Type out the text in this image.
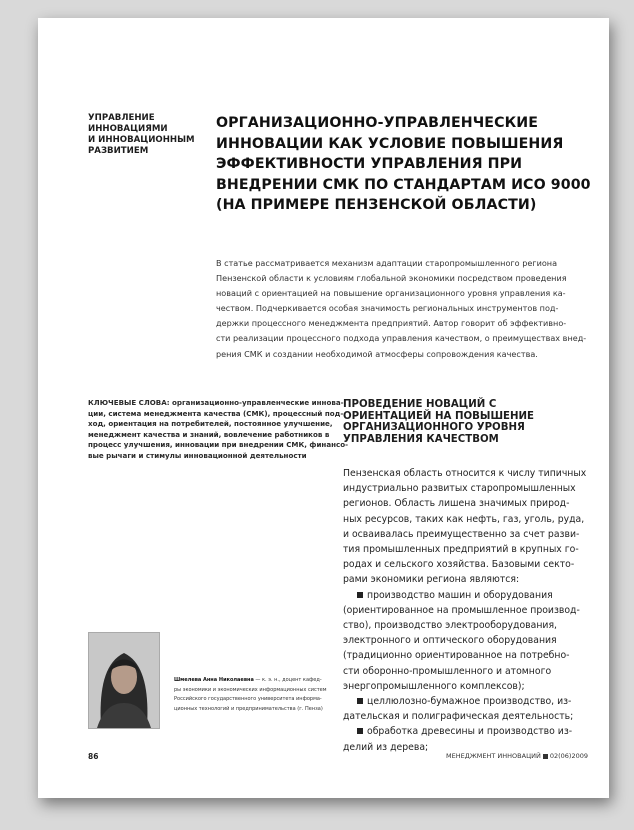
УПРАВЛЕНИЕ
ИННОВАЦИЯМИ
И ИННОВАЦИОННЫМ
РАЗВИТИЕМ
ОРГАНИЗАЦИОННО-УПРАВЛЕНЧЕСКИЕ
ИННОВАЦИИ КАК УСЛОВИЕ ПОВЫШЕНИЯ
ЭФФЕКТИВНОСТИ УПРАВЛЕНИЯ ПРИ
ВНЕДРЕНИИ СМК ПО СТАНДАРТАМ ИСО 9000
(НА ПРИМЕРЕ ПЕНЗЕНСКОЙ ОБЛАСТИ)
В статье рассматривается механизм адаптации старопромышленного региона
Пензенской области к условиям глобальной экономики посредством проведения
новаций с ориентацией на повышение организационного уровня управления ка-
чеством. Подчеркивается особая значимость региональных инструментов под-
держки процессного менеджмента предприятий. Автор говорит об эффективно-
сти реализации процессного подхода управления качеством, о преимуществах внед-
рения СМК и создании необходимой атмосферы сопровождения качества.
КЛЮЧЕВЫЕ СЛОВА: организационно-управленческие иннова-
ции, система менеджмента качества (СМК), процессный под-
ход, ориентация на потребителей, постоянное улучшение,
менеджмент качества и знаний, вовлечение работников в
процесс улучшения, инновации при внедрении СМК, финансо-
вые рычаги и стимулы инновационной деятельности
ПРОВЕДЕНИЕ НОВАЦИЙ С
ОРИЕНТАЦИЕЙ НА ПОВЫШЕНИЕ
ОРГАНИЗАЦИОННОГО УРОВНЯ
УПРАВЛЕНИЯ КАЧЕСТВОМ
Пензенская область относится к числу типичных
индустриально развитых старопромышленных
регионов. Область лишена значимых природ-
ных ресурсов, таких как нефть, газ, уголь, руда,
и осваивалась преимущественно за счет разви-
тия промышленных предприятий в крупных го-
родах и сельского хозяйства. Базовыми секто-
рами экономики региона являются:
производство машин и оборудования
(ориентированное на промышленное производ-
ство), производство электрооборудования,
электронного и оптического оборудования
(традиционно ориентированное на потребно-
сти оборонно-промышленного и атомного
энергопромышленного комплексов);
целлюлозно-бумажное производство, из-
дательская и полиграфическая деятельность;
обработка древесины и производство из-
делий из дерева;
Шмелева Анна Николаевна — к. э. н., доцент кафед-
ры экономики и экономических информационных систем
Российского государственного университета информа-
ционных технологий и предпринимательства (г. Пенза)
86	МЕНЕДЖМЕНТ ИННОВАЦИЙ 02(06)2009
